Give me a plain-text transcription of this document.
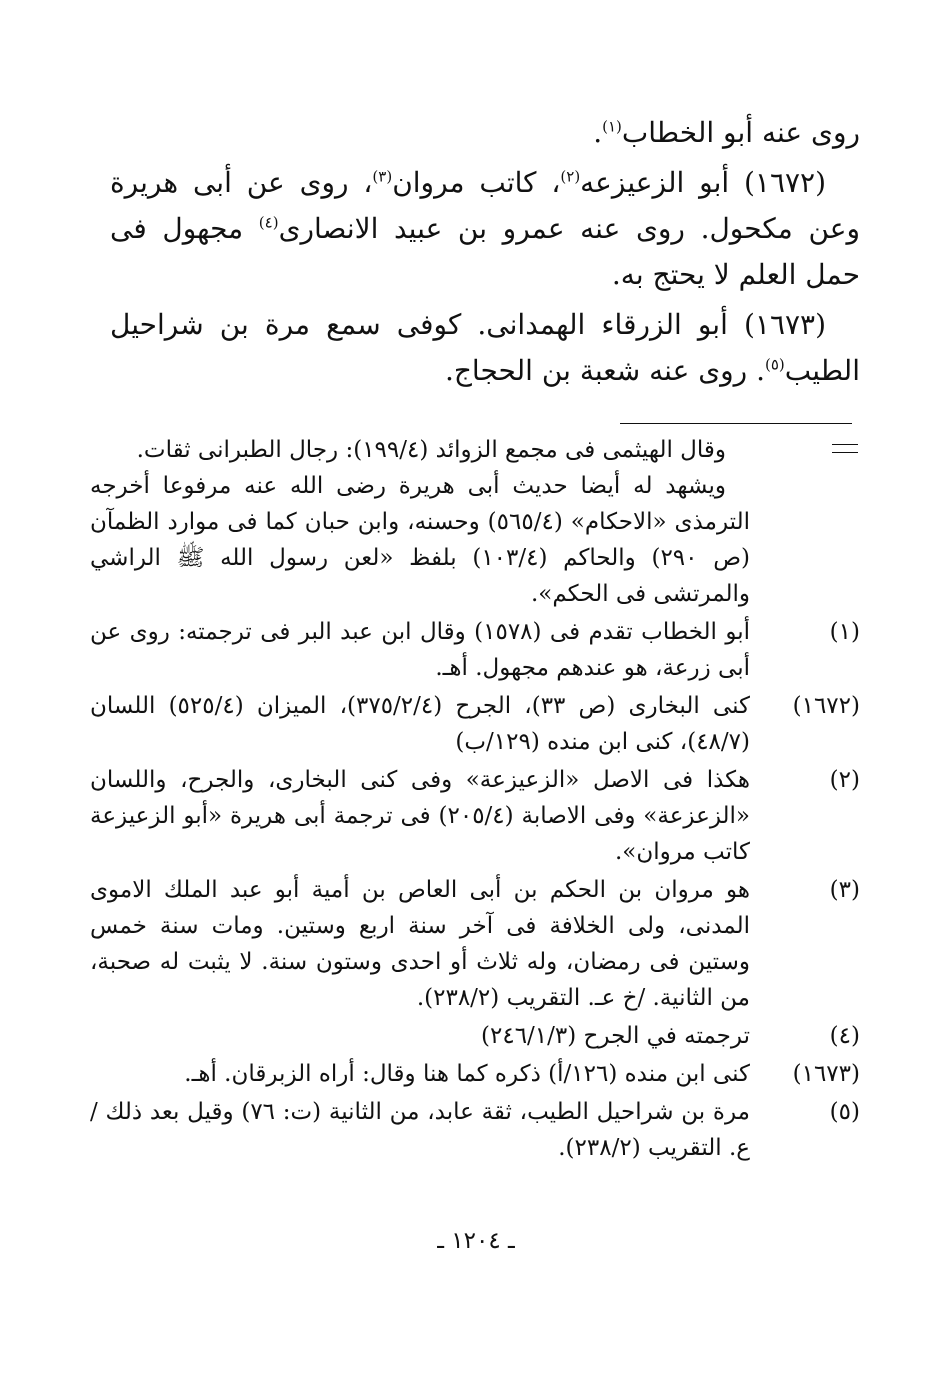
روى عنه أبو الخطاب$^{(١)}$.

(١٦٧٢) أبو الزعيزعه$^{(٢)}$، كاتب مروان$^{(٣)}$، روى عن أبى هريرة وعن مكحول. روى عنه عمرو بن عبيد الانصارى$^{(٤)}$ مجهول فى حمل العلم لا يحتج به.

(١٦٧٣) أبو الزرقاء الهمدانى. كوفى سمع مرة بن شراحيل الطيب$^{(٥)}$. روى عنه شعبة بن الحجاج.

وقال الهيثمى فى مجمع الزوائد (١٩٩/٤): رجال الطبرانى ثقات.

ويشهد له أيضا حديث أبى هريرة رضى الله عنه مرفوعا أخرجه الترمذى «الاحكام» (٥٦٥/٤) وحسنه، وابن حبان كما فى موارد الظمآن (ص ٢٩٠) والحاكم (١٠٣/٤) بلفظ «لعن رسول الله ﷺ الراشي والمرتشى فى الحكم».

(١)
أبو الخطاب تقدم فى (١٥٧٨) وقال ابن عبد البر فى ترجمته: روى عن أبى زرعة، هو عندهم مجهول. أهـ.
(١٦٧٢)
كنى البخارى (ص ٣٣)، الجرح (٣٧٥/٢/٤)، الميزان (٥٢٥/٤) اللسان (٤٨/٧)، كنى ابن منده (١٢٩/ب)
(٢)
هكذا فى الاصل «الزعيزعة» وفى كنى البخارى، والجرح، واللسان «الزعزعة» وفى الاصابة (٢٠٥/٤) فى ترجمة أبى هريرة «أبو الزعيزعة كاتب مروان».
(٣)
هو مروان بن الحكم بن أبى العاص بن أمية أبو عبد الملك الاموى المدنى، ولى الخلافة فى آخر سنة اربع وستين. ومات سنة خمس وستين فى رمضان، وله ثلاث أو احدى وستون سنة. لا يثبت له صحبة، من الثانية. /خ عـ. التقريب (٢٣٨/٢).
(٤)
ترجمته في الجرح (٢٤٦/١/٣)
(١٦٧٣)
كنى ابن منده (١٢٦/أ) ذكره كما هنا وقال: أراه الزبرقان. أهـ.
(٥)
مرة بن شراحيل الطيب، ثقة عابد، من الثانية (ت: ٧٦) وقيل بعد ذلك /ع. التقريب (٢٣٨/٢).
ـ ١٢٠٤ ـ
